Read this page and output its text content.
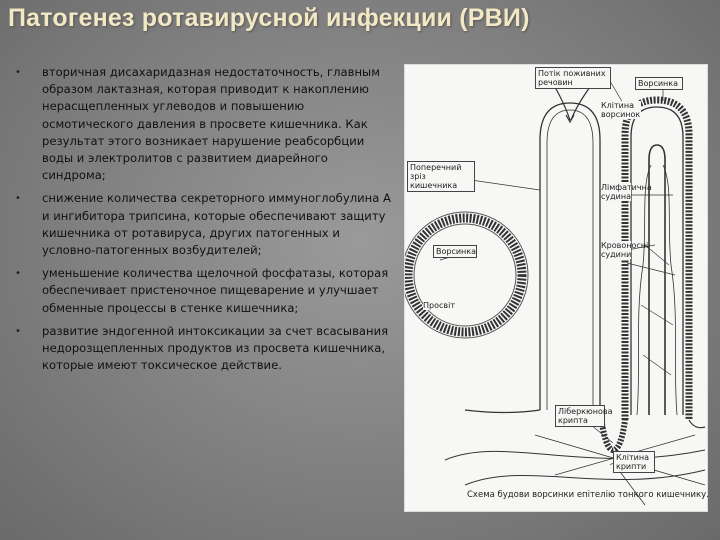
Патогенез ротавирусной инфекции (РВИ)
•	вторичная дисахаридазная недостаточность, главным образом лактазная, которая приводит к накоплению нерасщепленных углеводов и повышению осмотического давления в просвете кишечника. Как результат этого возникает нарушение реабсорбции воды и электролитов с развитием диарейного синдрома;
•	снижение количества секреторного иммуноглобулина А и ингибитора трипсина, которые обеспечивают защиту кишечника от ротавируса, других патогенных и условно-патогенных возбудителей;
•	уменьшение количества щелочной фосфатазы, которая обеспечивает пристеночное пищеварение и улучшает обменные процессы в стенке кишечника;
•	развитие эндогенной интоксикации за счет всасывания недорозщепленных продуктов из просвета кишечника, которые имеют токсическое действие.
Потік поживних речовин	Ворсинка
Клітина ворсинок
Поперечний зріз кишечника	Лімфатична судина
Ворсинка
Кровоносні судини
Просвіт
Ліберкюнова крипта
Клітина крипти
Схема будови ворсинки епітелію тонкого кишечнику.
